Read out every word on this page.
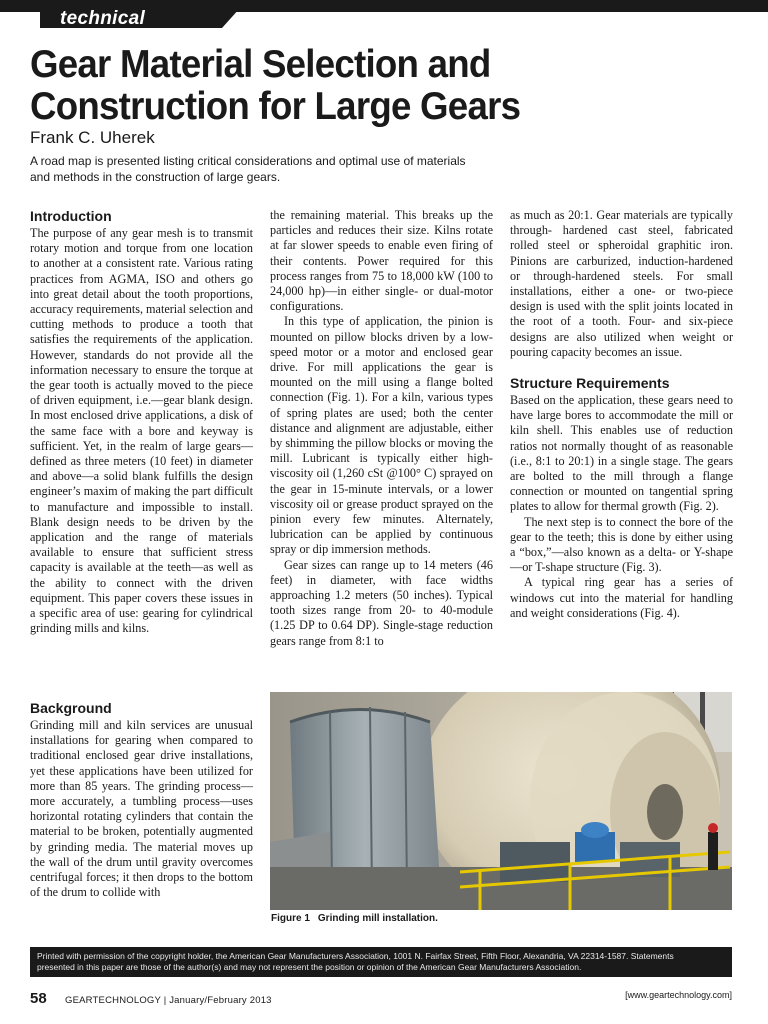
technical
Gear Material Selection and
Construction for Large Gears
Frank C. Uherek
A road map is presented listing critical considerations and optimal use of materials
and methods in the construction of large gears.
Introduction

The purpose of any gear mesh is to transmit rotary motion and torque from one location to another at a consistent rate. Various rating practices from AGMA, ISO and others go into great detail about the tooth proportions, accuracy requirements, material selection and cutting methods to produce a tooth that satisfies the requirements of the application. However, standards do not provide all the information necessary to ensure the torque at the gear tooth is actually moved to the piece of driven equipment, i.e.—gear blank design. In most enclosed drive applications, a disk of the same face with a bore and keyway is sufficient. Yet, in the realm of large gears—defined as three meters (10 feet) in diameter and above—a solid blank fulfills the design engineer’s maxim of making the part difficult to manufacture and impossible to install. Blank design needs to be driven by the application and the range of materials available to ensure that sufficient stress capacity is available at the teeth—as well as the ability to connect with the driven equipment. This paper covers these issues in a specific area of use: gearing for cylindrical grinding mills and kilns.

Background

Grinding mill and kiln services are unusual installations for gearing when compared to traditional enclosed gear drive installations, yet these applications have been utilized for more than 85 years. The grinding process—more accurately, a tumbling process—uses horizontal rotating cylinders that contain the material to be broken, potentially augmented by grinding media. The material moves up the wall of the drum until gravity overcomes centrifugal forces; it then drops to the bottom of the drum to collide with

the remaining material. This breaks up the particles and reduces their size. Kilns rotate at far slower speeds to enable even firing of their contents. Power required for this process ranges from 75 to 18,000 kW (100 to 24,000 hp)—in either single- or dual-motor configurations.

In this type of application, the pinion is mounted on pillow blocks driven by a low-speed motor or a motor and enclosed gear drive. For mill applications the gear is mounted on the mill using a flange bolted connection (Fig. 1). For a kiln, various types of spring plates are used; both the center distance and alignment are adjustable, either by shimming the pillow blocks or moving the mill. Lubricant is typically either high-viscosity oil (1,260 cSt @100° C) sprayed on the gear in 15-minute intervals, or a lower viscosity oil or grease product sprayed on the pinion every few minutes. Alternately, lubrication can be applied by continuous spray or dip immersion methods.

Gear sizes can range up to 14 meters (46 feet) in diameter, with face widths approaching 1.2 meters (50 inches). Typical tooth sizes range from 20- to 40-module (1.25 DP to 0.64 DP). Single-stage reduction gears range from 8:1 to

as much as 20:1. Gear materials are typically through- hardened cast steel, fabricated rolled steel or spheroidal graphitic iron. Pinions are carburized, induction-hardened or through-hardened steels. For small installations, either a one- or two-piece design is used with the split joints located in the root of a tooth. Four- and six-piece designs are also utilized when weight or pouring capacity becomes an issue.

Structure Requirements

Based on the application, these gears need to have large bores to accommodate the mill or kiln shell. This enables use of reduction ratios not normally thought of as reasonable (i.e., 8:1 to 20:1) in a single stage. The gears are bolted to the mill through a flange connection or mounted on tangential spring plates to allow for thermal growth (Fig. 2).

The next step is to connect the bore of the gear to the teeth; this is done by either using a “box,”—also known as a delta- or Y-shape—or T-shape structure (Fig. 3).

A typical ring gear has a series of windows cut into the material for handling and weight considerations (Fig. 4).

Figure 1 Grinding mill installation.
Printed with permission of the copyright holder, the American Gear Manufacturers Association, 1001 N. Fairfax Street, Fifth Floor, Alexandria, VA 22314-1587. Statements
presented in this paper are those of the author(s) and may not represent the position or opinion of the American Gear Manufacturers Association.
58 GEARTECHNOLOGY | January/February 2013	[www.geartechnology.com]
